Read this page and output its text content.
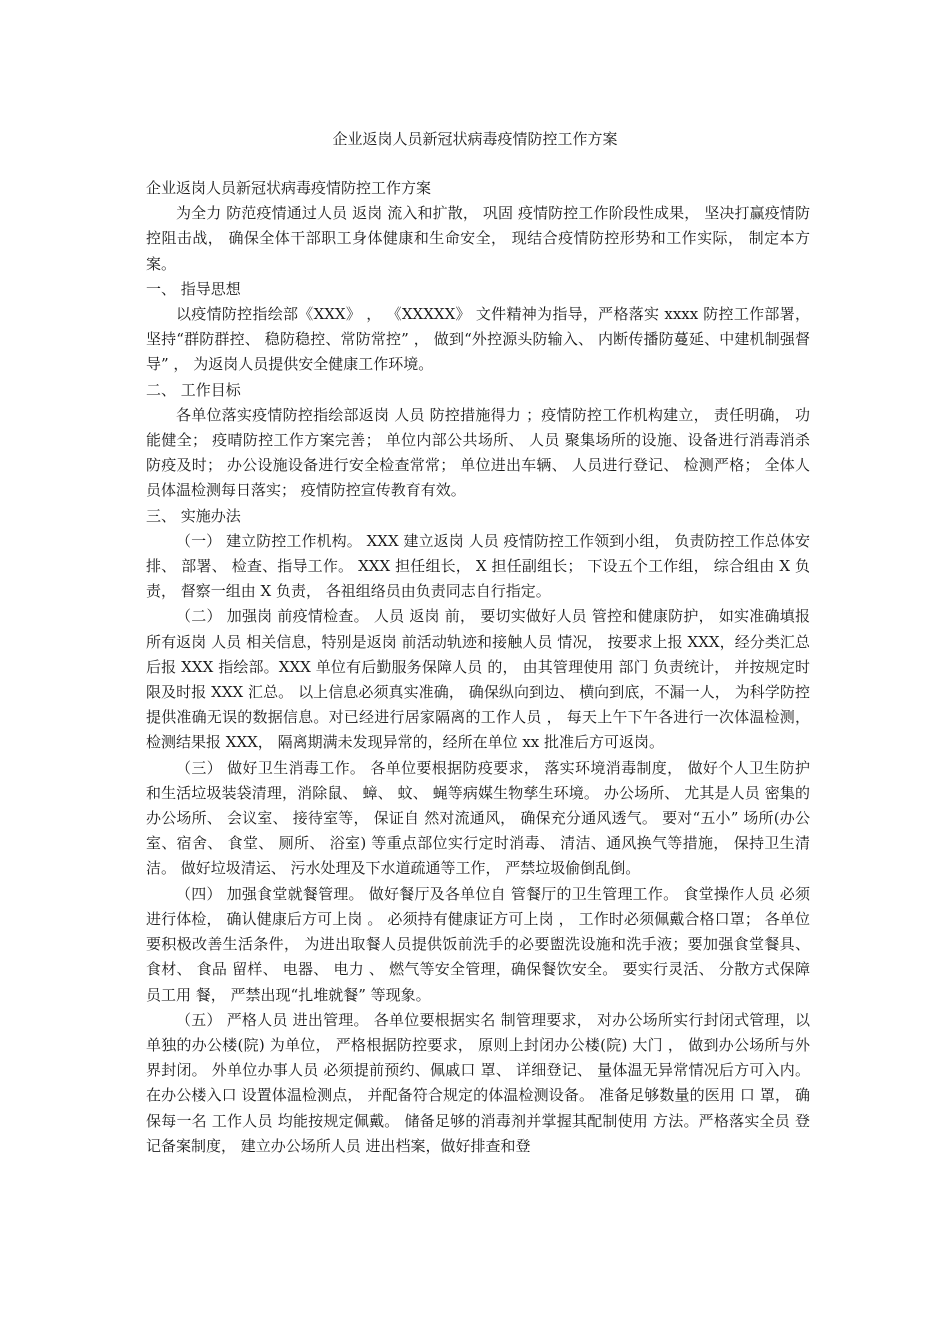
企业返岗人员新冠状病毒疫情防控工作方案

企业返岗人员新冠状病毒疫情防控工作方案

为全力 防范疫情通过人员 返岗 流入和扩散， 巩固 疫情防控工作阶段性成果， 坚决打赢疫情防控阻击战， 确保全体干部职工身体健康和生命安全， 现结合疫情防控形势和工作实际， 制定本方案。

一、 指导思想

以疫情防控指绘部《XXX》 ， 《XXXXX》 文件精神为指导，严格落实 xxxx 防控工作部署，坚持“群防群控、 稳防稳控、常防常控” ， 做到“外控源头防输入、 内断传播防蔓延、中建机制强督导” ， 为返岗人员提供安全健康工作环境。

二、 工作目标

各单位落实疫情防控指绘部返岗 人员 防控措施得力 ；疫情防控工作机构建立， 责任明确， 功能健全； 疫晴防控工作方案完善； 单位内部公共场所、 人员 聚集场所的设施、设备进行消毒消杀防疫及时； 办公设施设备进行安全检查常常； 单位进出车辆、 人员进行登记、 检测严格； 全体人员体温检测每日落实； 疫情防控宣传教育有效。

三、 实施办法

（一） 建立防控工作机构。 XXX 建立返岗 人员 疫情防控工作领到小组， 负责防控工作总体安排、 部署、 检查、指导工作。 XXX 担任组长， X 担任副组长； 下设五个工作组， 综合组由 X 负责， 督察一组由 X 负责， 各祖组络员由负责同志自行指定。

（二） 加强岗 前疫情检查。 人员 返岗 前， 要切实做好人员 管控和健康防护， 如实准确填报所有返岗 人员 相关信息，特别是返岗 前活动轨迹和接触人员 情况， 按要求上报 XXX，经分类汇总后报 XXX 指绘部。XXX 单位有后勤服务保障人员 的， 由其管理使用 部门 负责统计， 并按规定时限及时报 XXX 汇总。 以上信息必须真实准确， 确保纵向到边、 横向到底，不漏一人， 为科学防控提供准确无误的数据信息。对已经进行居家隔离的工作人员 ， 每天上午下午各进行一次体温检测， 检测结果报 XXX， 隔离期满未发现异常的，经所在单位 xx 批准后方可返岗。

（三） 做好卫生消毒工作。 各单位要根据防疫要求， 落实环境消毒制度， 做好个人卫生防护和生活垃圾装袋清理，消除鼠、 蟑、 蚊、 蝇等病媒生物孳生环境。 办公场所、 尤其是人员 密集的办公场所、 会议室、 接待室等， 保证自 然对流通风， 确保充分通风透气。 要对“五小” 场所(办公室、宿舍、 食堂、 厕所、 浴室) 等重点部位实行定时消毒、 清洁、通风换气等措施， 保持卫生清洁。 做好垃圾清运、 污水处理及下水道疏通等工作， 严禁垃圾偷倒乱倒。

（四） 加强食堂就餐管理。 做好餐厅及各单位自 管餐厅的卫生管理工作。 食堂操作人员 必须进行体检， 确认健康后方可上岗 。 必须持有健康证方可上岗 ， 工作时必须佩戴合格口罩； 各单位要积极改善生活条件， 为进出取餐人员提供饭前洗手的必要盥洗设施和洗手液；要加强食堂餐具、 食材、 食品 留样、 电器、 电力 、 燃气等安全管理，确保餐饮安全。 要实行灵活、 分散方式保障员工用 餐， 严禁出现“扎堆就餐” 等现象。

（五） 严格人员 进出管理。 各单位要根据实名 制管理要求， 对办公场所实行封闭式管理，以单独的办公楼(院) 为单位， 严格根据防控要求， 原则上封闭办公楼(院) 大门 ， 做到办公场所与外界封闭。 外单位办事人员 必须提前预约、佩戚口 罩、 详细登记、 量体温无异常情况后方可入内。 在办公楼入口 设置体温检测点， 并配备符合规定的体温检测设备。 准备足够数量的医用 口 罩， 确保每一名 工作人员 均能按规定佩戴。 储备足够的消毒剂并掌握其配制使用 方法。严格落实全员 登记备案制度， 建立办公场所人员 进出档案，做好排查和登
